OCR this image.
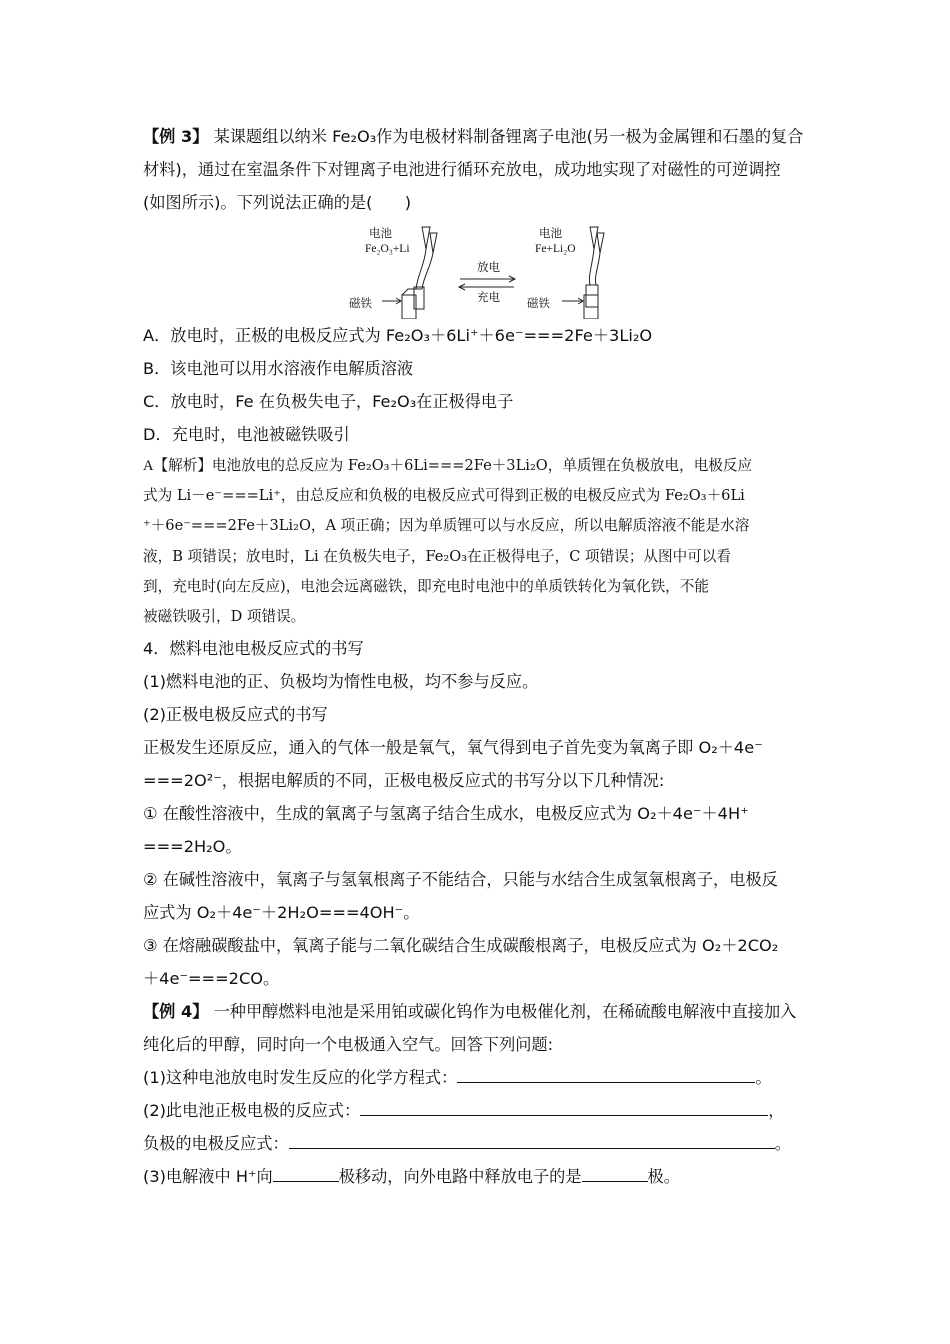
【例 3】 某课题组以纳米 Fe₂O₃作为电极材料制备锂离子电池(另一极为金属锂和石墨的复合
材料)，通过在室温条件下对锂离子电池进行循环充放电，成功地实现了对磁性的可逆调控
(如图所示)。下列说法正确的是(　　)
电池
Fe₂O₃+Li
磁铁
放电
充电
电池
Fe+Li₂O
磁铁
A．放电时，正极的电极反应式为 Fe₂O₃＋6Li⁺＋6e⁻===2Fe＋3Li₂O
B．该电池可以用水溶液作电解质溶液
C．放电时，Fe 在负极失电子，Fe₂O₃在正极得电子
D．充电时，电池被磁铁吸引
A【解析】电池放电的总反应为 Fe₂O₃＋6Li===2Fe＋3Li₂O，单质锂在负极放电，电极反应
式为 Li－e⁻===Li⁺，由总反应和负极的电极反应式可得到正极的电极反应式为 Fe₂O₃＋6Li
⁺＋6e⁻===2Fe＋3Li₂O，A 项正确；因为单质锂可以与水反应，所以电解质溶液不能是水溶
液，B 项错误；放电时，Li 在负极失电子，Fe₂O₃在正极得电子，C 项错误；从图中可以看
到，充电时(向左反应)，电池会远离磁铁，即充电时电池中的单质铁转化为氧化铁，不能
被磁铁吸引，D 项错误。
4．燃料电池电极反应式的书写
(1)燃料电池的正、负极均为惰性电极，均不参与反应。
(2)正极电极反应式的书写
正极发生还原反应，通入的气体一般是氧气，氧气得到电子首先变为氧离子即 O₂＋4e⁻
===2O²⁻，根据电解质的不同，正极电极反应式的书写分以下几种情况:
① 在酸性溶液中，生成的氧离子与氢离子结合生成水，电极反应式为 O₂＋4e⁻＋4H⁺
===2H₂O。
② 在碱性溶液中，氧离子与氢氧根离子不能结合，只能与水结合生成氢氧根离子，电极反
应式为 O₂＋4e⁻＋2H₂O===4OH⁻。
③ 在熔融碳酸盐中，氧离子能与二氧化碳结合生成碳酸根离子，电极反应式为 O₂＋2CO₂
＋4e⁻===2CO。
【例 4】 一种甲醇燃料电池是采用铂或碳化钨作为电极催化剂，在稀硫酸电解液中直接加入
纯化后的甲醇，同时向一个电极通入空气。回答下列问题:
(1)这种电池放电时发生反应的化学方程式：	。
(2)此电池正极电极的反应式：	，
负极的电极反应式：	。
(3)电解液中 H⁺向	极移动，向外电路中释放电子的是	极。
